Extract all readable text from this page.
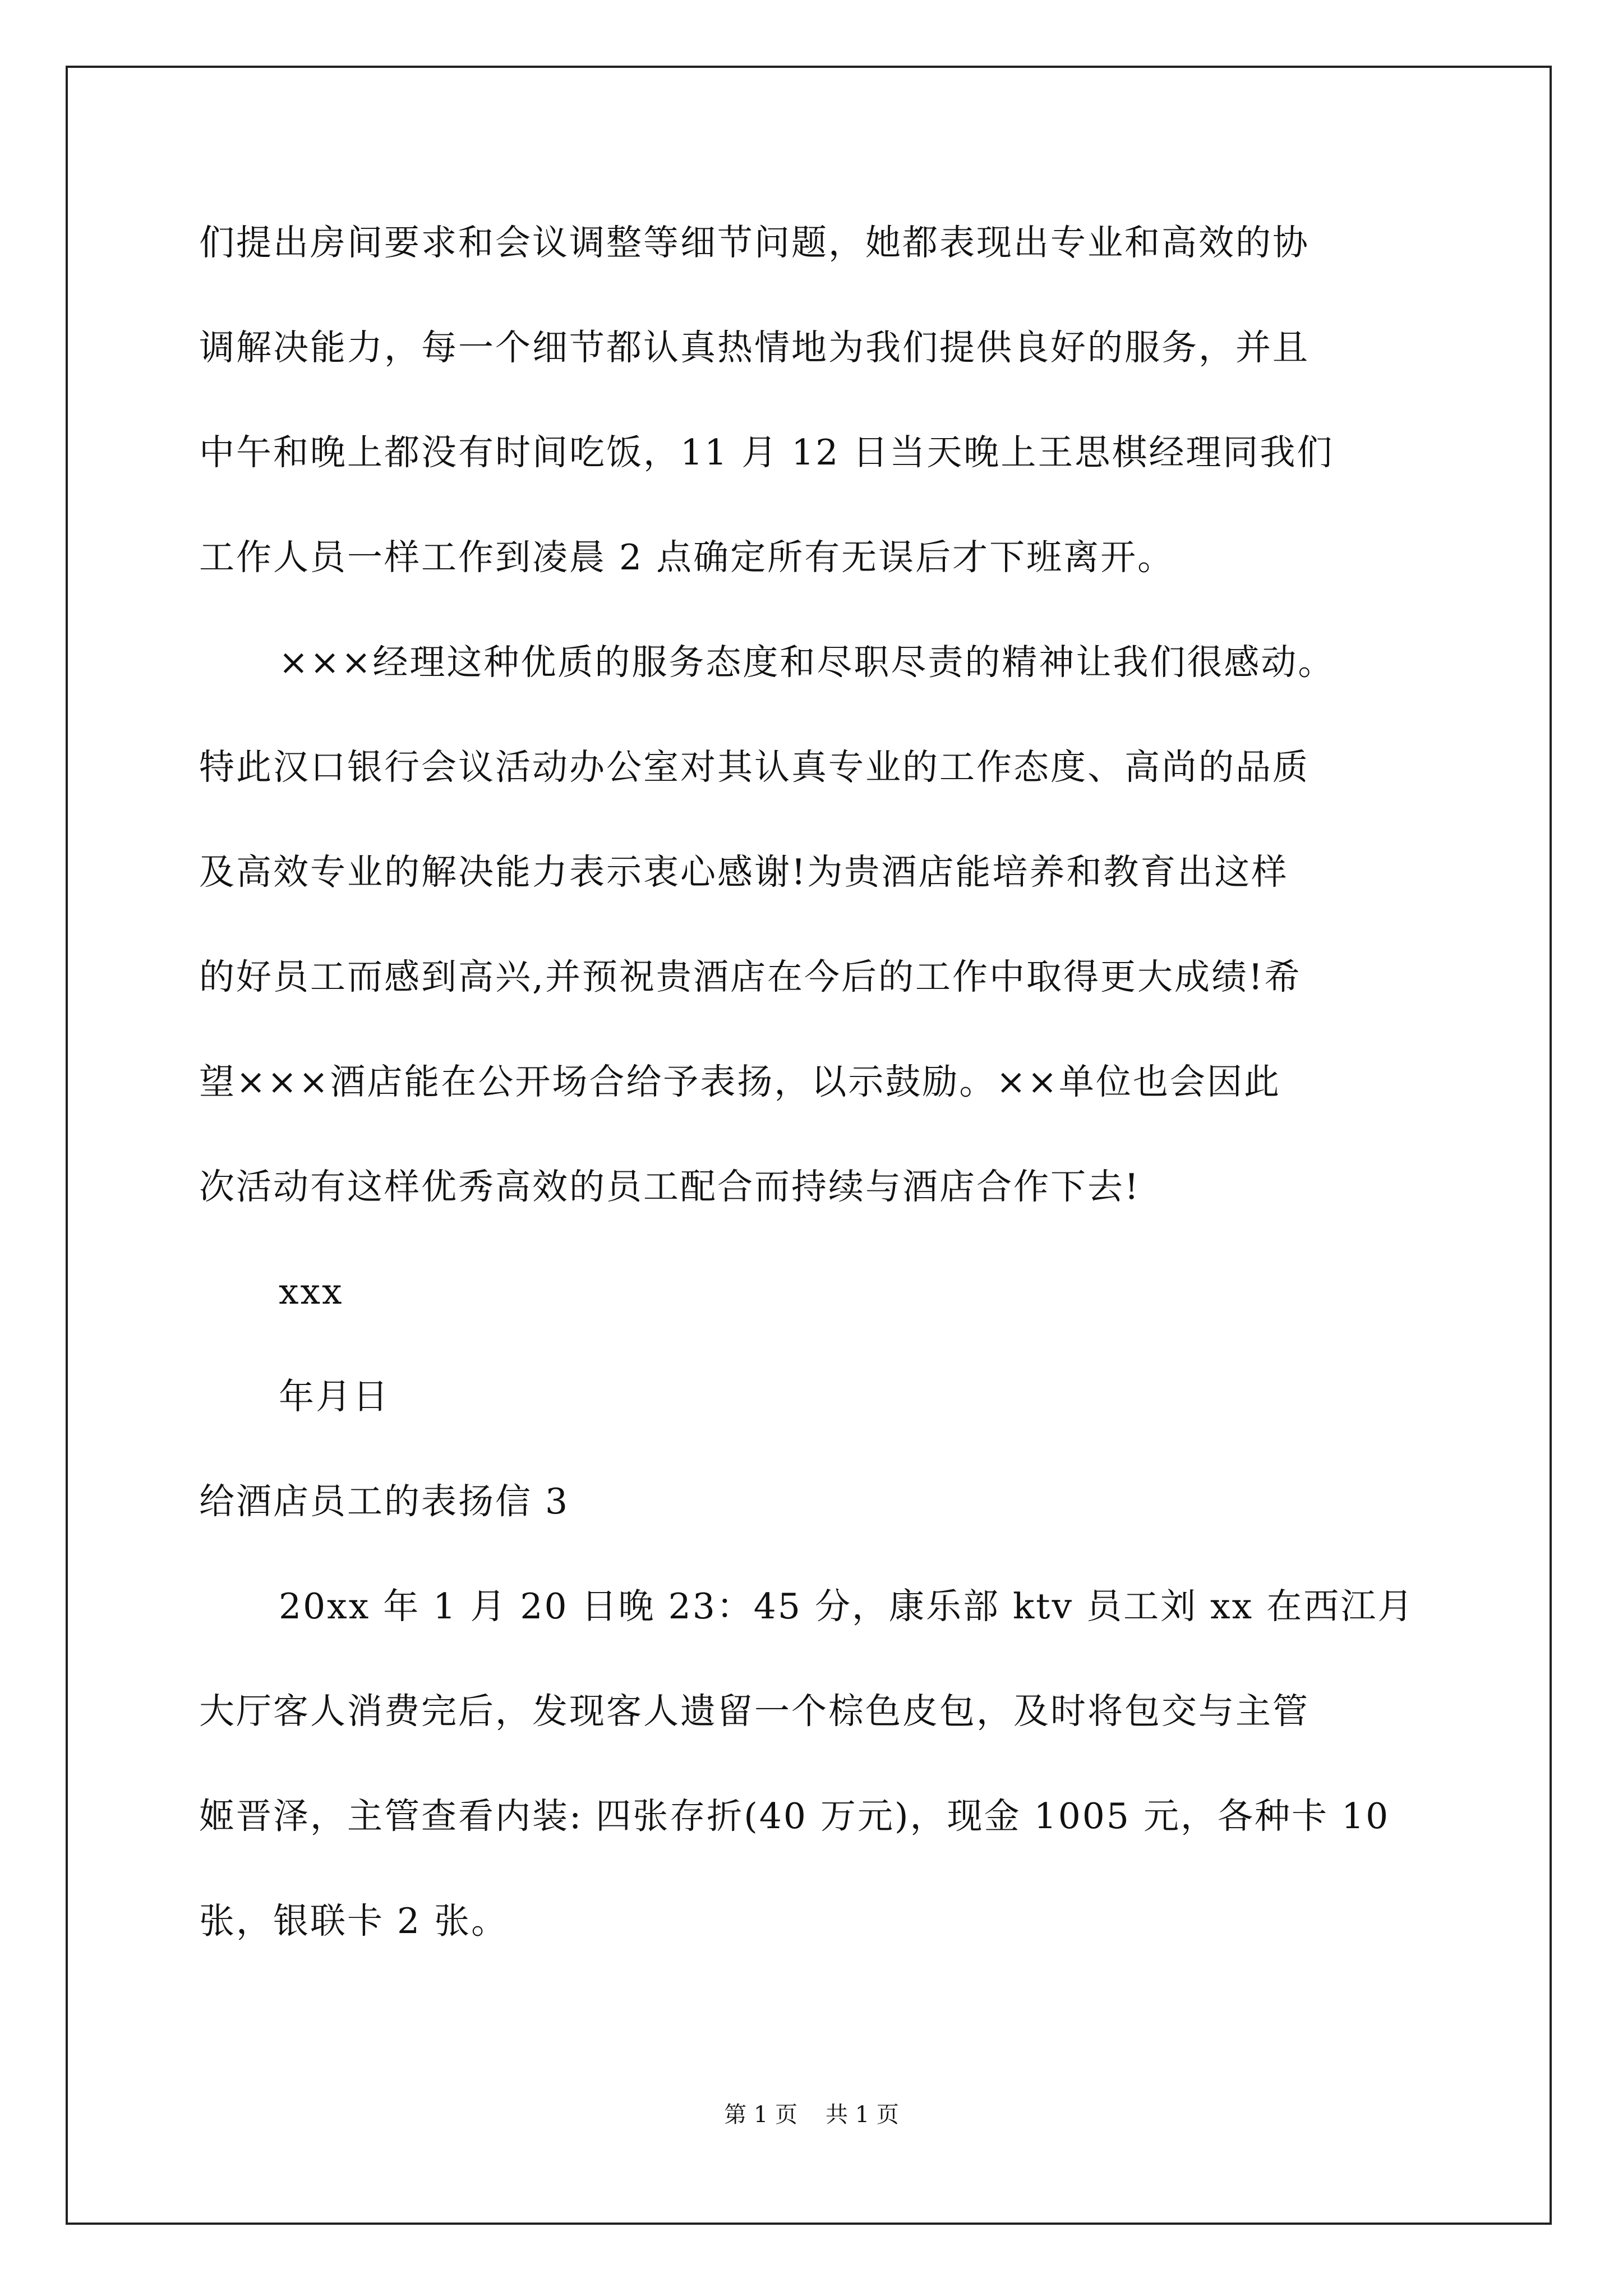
们提出房间要求和会议调整等细节问题，她都表现出专业和高效的协
调解决能力，每一个细节都认真热情地为我们提供良好的服务，并且
中午和晚上都没有时间吃饭，11 月 12 日当天晚上王思棋经理同我们
工作人员一样工作到凌晨 2 点确定所有无误后才下班离开。
×××经理这种优质的服务态度和尽职尽责的精神让我们很感动。
特此汉口银行会议活动办公室对其认真专业的工作态度、高尚的品质
及高效专业的解决能力表示衷心感谢!为贵酒店能培养和教育出这样
的好员工而感到高兴,并预祝贵酒店在今后的工作中取得更大成绩!希
望×××酒店能在公开场合给予表扬，以示鼓励。××单位也会因此
次活动有这样优秀高效的员工配合而持续与酒店合作下去!
xxx
年月日
给酒店员工的表扬信 3
20xx 年 1 月 20 日晚 23：45 分，康乐部 ktv 员工刘 xx 在西江月
大厅客人消费完后，发现客人遗留一个棕色皮包，及时将包交与主管
姬晋泽，主管查看内装: 四张存折(40 万元)，现金 1005 元，各种卡 10
张，银联卡 2 张。
第 1 页 共 1 页
